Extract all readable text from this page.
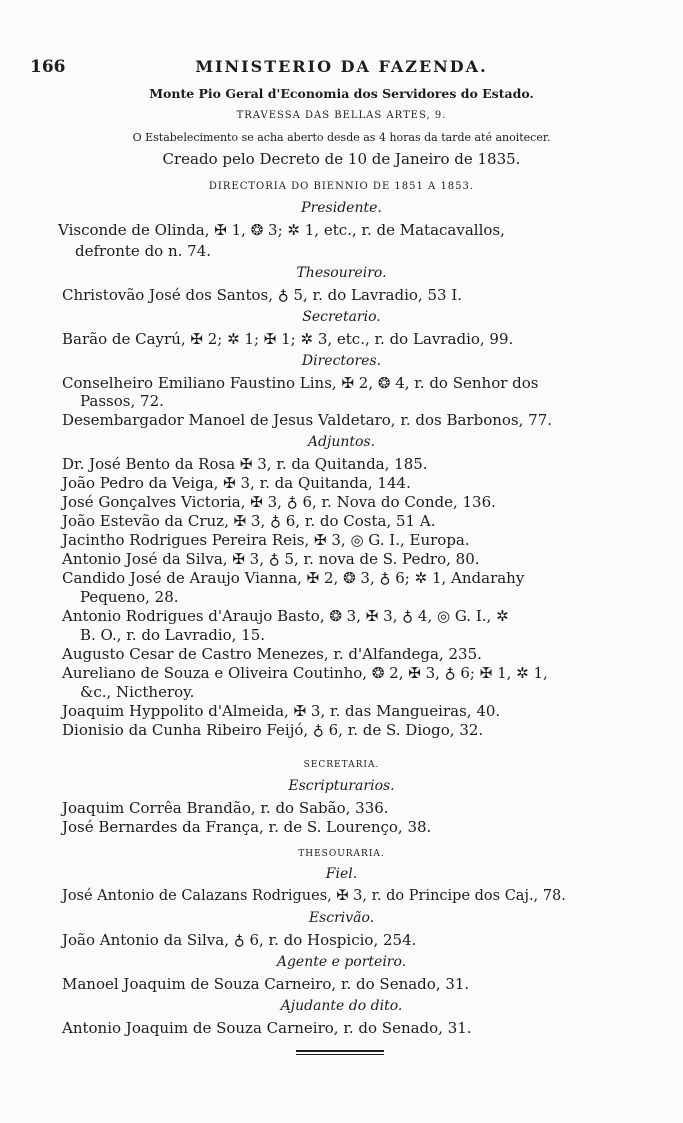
166	MINISTERIO DA FAZENDA.
Monte Pio Geral d'Economia dos Servidores do Estado.
TRAVESSA DAS BELLAS ARTES, 9.
O Estabelecimento se acha aberto desde as 4 horas da tarde até anoitecer.
Creado pelo Decreto de 10 de Janeiro de 1835.
DIRECTORIA DO BIENNIO DE 1851 A 1853.
Presidente.
Visconde de Olinda, ✠ 1, ❂ 3; ✲ 1, etc., r. de Matacavallos,
defronte do n. 74.
Thesoureiro.
Christovão José dos Santos, ♁ 5, r. do Lavradio, 53 I.
Secretario.
Barão de Cayrú, ✠ 2; ✲ 1; ✠ 1; ✲ 3, etc., r. do Lavradio, 99.
Directores.
Conselheiro Emiliano Faustino Lins, ✠ 2, ❂ 4, r. do Senhor dos
Passos, 72.
Desembargador Manoel de Jesus Valdetaro, r. dos Barbonos, 77.
Adjuntos.
Dr. José Bento da Rosa ✠ 3, r. da Quitanda, 185.
João Pedro da Veiga, ✠ 3, r. da Quitanda, 144.
José Gonçalves Victoria, ✠ 3, ♁ 6, r. Nova do Conde, 136.
João Estevão da Cruz, ✠ 3, ♁ 6, r. do Costa, 51 A.
Jacintho Rodrigues Pereira Reis, ✠ 3, ◎ G. I., Europa.
Antonio José da Silva, ✠ 3, ♁ 5, r. nova de S. Pedro, 80.
Candido José de Araujo Vianna, ✠ 2, ❂ 3, ♁ 6; ✲ 1, Andarahy
Pequeno, 28.
Antonio Rodrigues d'Araujo Basto, ❂ 3, ✠ 3, ♁ 4, ◎ G. I., ✲
B. O., r. do Lavradio, 15.
Augusto Cesar de Castro Menezes, r. d'Alfandega, 235.
Aureliano de Souza e Oliveira Coutinho, ❂ 2, ✠ 3, ♁ 6; ✠ 1, ✲ 1,
&c., Nictheroy.
Joaquim Hyppolito d'Almeida, ✠ 3, r. das Mangueiras, 40.
Dionisio da Cunha Ribeiro Feijó, ♁ 6, r. de S. Diogo, 32.
SECRETARIA.
Escripturarios.
Joaquim Corrêa Brandão, r. do Sabão, 336.
José Bernardes da França, r. de S. Lourenço, 38.
THESOURARIA.
Fiel.
José Antonio de Calazans Rodrigues, ✠ 3, r. do Principe dos Caj., 78.
Escrivão.
João Antonio da Silva, ♁ 6, r. do Hospicio, 254.
Agente e porteiro.
Manoel Joaquim de Souza Carneiro, r. do Senado, 31.
Ajudante do dito.
Antonio Joaquim de Souza Carneiro, r. do Senado, 31.
